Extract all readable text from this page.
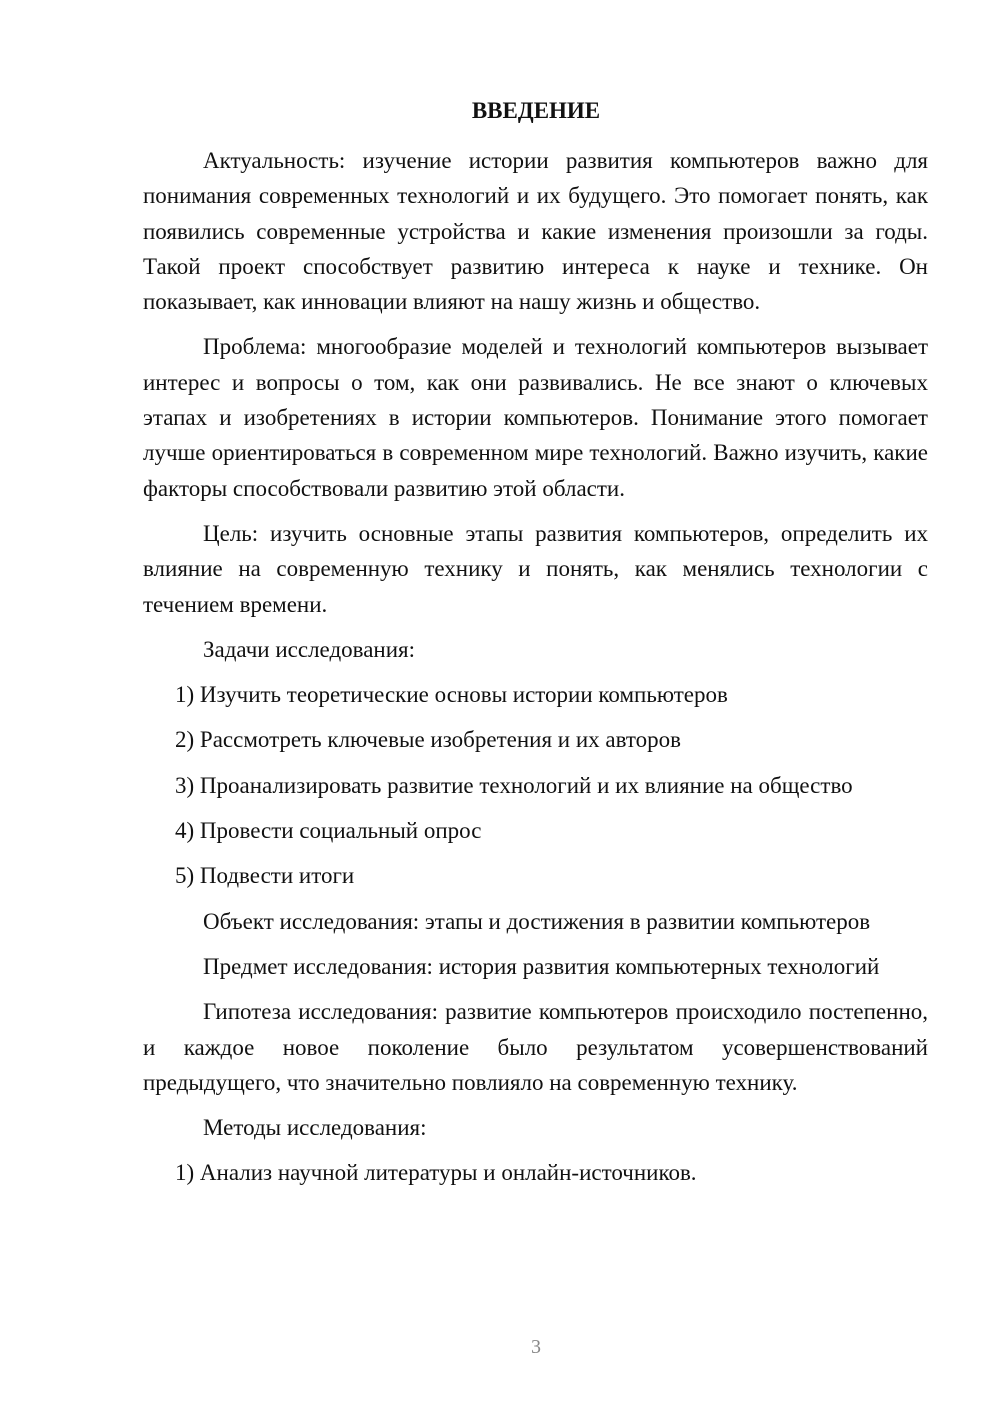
ВВЕДЕНИЕ

Актуальность: изучение истории развития компьютеров важно для понимания современных технологий и их будущего. Это помогает понять, как появились современные устройства и какие изменения произошли за годы. Такой проект способствует развитию интереса к науке и технике. Он показывает, как инновации влияют на нашу жизнь и общество.

Проблема: многообразие моделей и технологий компьютеров вызывает интерес и вопросы о том, как они развивались. Не все знают о ключевых этапах и изобретениях в истории компьютеров. Понимание этого помогает лучше ориентироваться в современном мире технологий. Важно изучить, какие факторы способствовали развитию этой области.

Цель: изучить основные этапы развития компьютеров, определить их влияние на современную технику и понять, как менялись технологии с течением времени.

Задачи исследования:

1) Изучить теоретические основы истории компьютеров

2) Рассмотреть ключевые изобретения и их авторов

3) Проанализировать развитие технологий и их влияние на общество

4) Провести социальный опрос

5) Подвести итоги

Объект исследования: этапы и достижения в развитии компьютеров

Предмет исследования: история развития компьютерных технологий

Гипотеза исследования: развитие компьютеров происходило постепенно, и каждое новое поколение было результатом усовершенствований предыдущего, что значительно повлияло на современную технику.

Методы исследования:

1) Анализ научной литературы и онлайн-источников.

3
